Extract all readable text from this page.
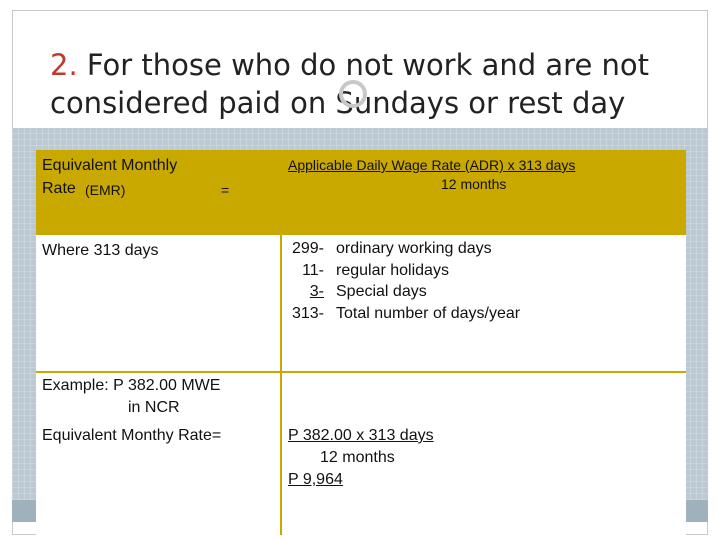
2. For those who do not work and are not
considered paid on Sundays or rest day
Equivalent Monthly
Rate (EMR)	=
Applicable Daily Wage Rate (ADR) x 313 days
12 months
Where 313 days	299- ordinary working days
11- regular holidays
3- Special days
313- Total number of days/year
Example: P 382.00 MWE
in NCR
Equivalent Monthy Rate=	P 382.00 x 313 days
12 months
P 9,964
